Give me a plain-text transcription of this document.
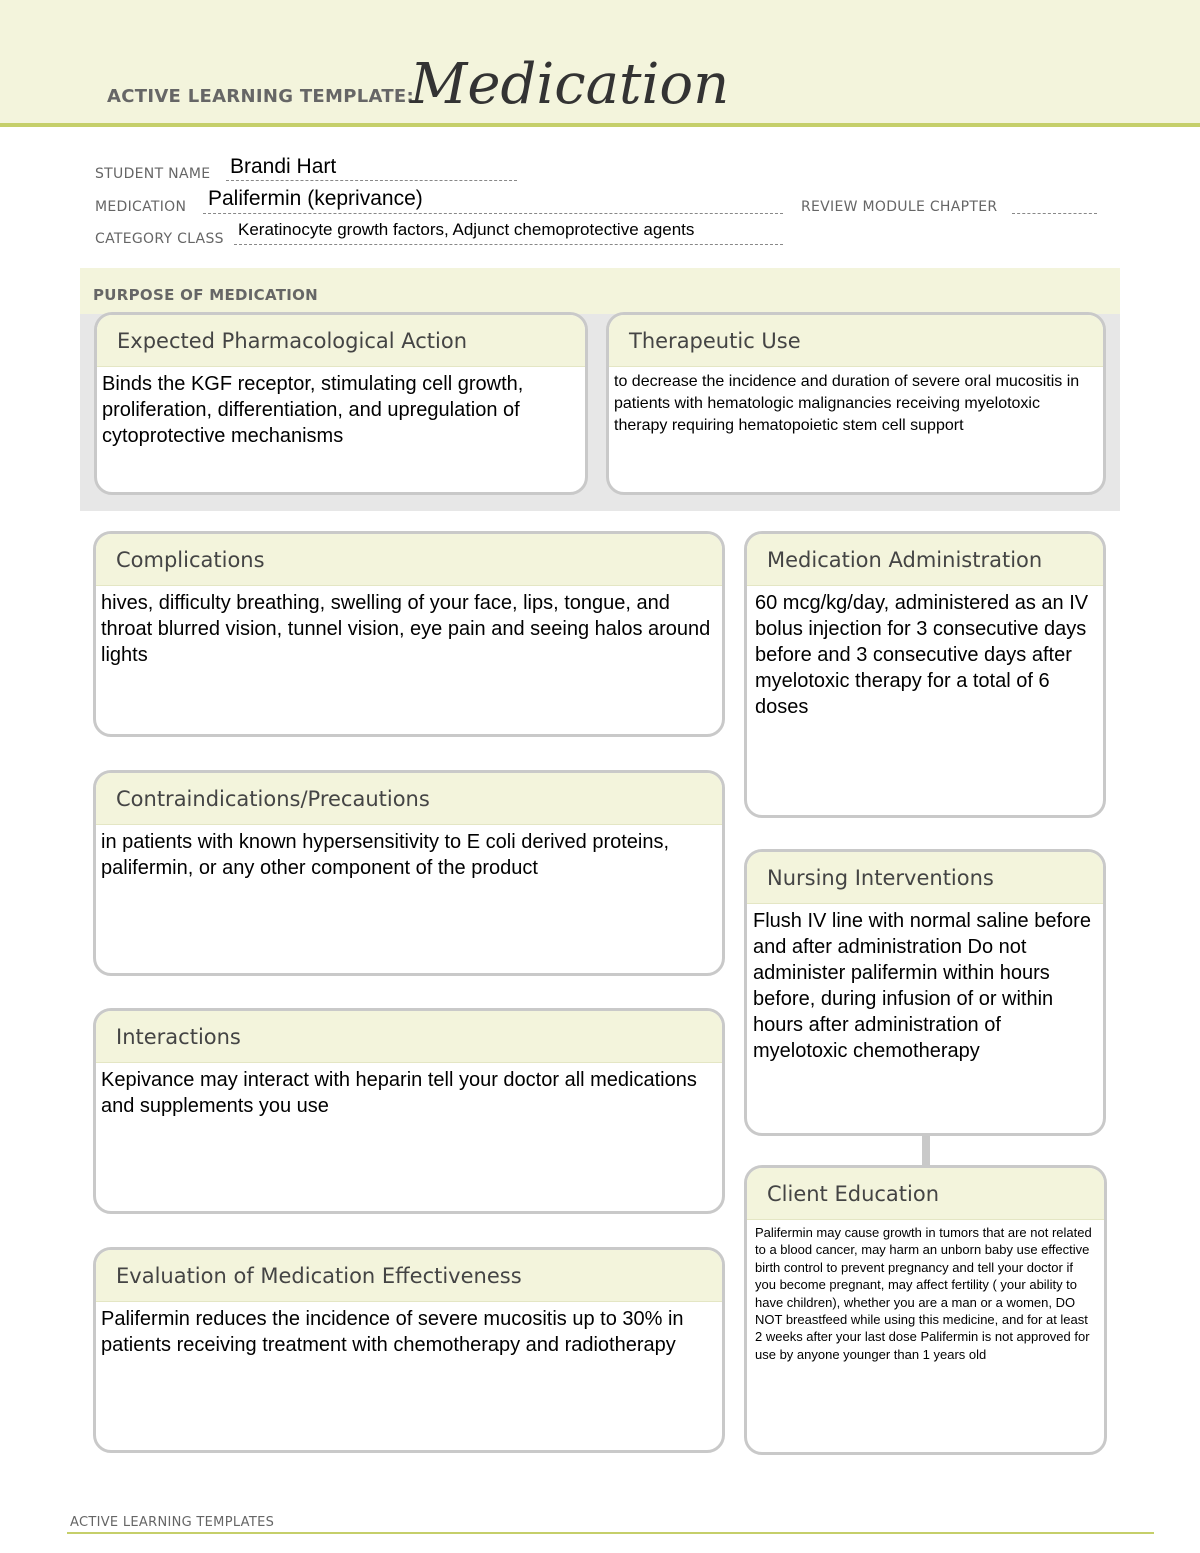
ACTIVE LEARNING TEMPLATE:
Medication
STUDENT NAME Brandi Hart
MEDICATION Palifermin (keprivance)	REVIEW MODULE CHAPTER
CATEGORY CLASS Keratinocyte growth factors, Adjunct chemoprotective agents
PURPOSE OF MEDICATION
Expected Pharmacological Action
Binds the KGF receptor, stimulating cell growth, proliferation, differentiation, and upregulation of cytoprotective mechanisms
Therapeutic Use
to decrease the incidence and duration of severe oral mucositis in patients with hematologic malignancies receiving myelotoxic therapy requiring hematopoietic stem cell support
Complications
hives, difficulty breathing, swelling of your face, lips, tongue, and throat blurred vision, tunnel vision, eye pain and seeing halos around lights
Contraindications/Precautions
in patients with known hypersensitivity to E coli derived proteins, palifermin, or any other component of the product
Interactions
Kepivance may interact with heparin tell your doctor all medications and supplements you use
Evaluation of Medication Effectiveness
Palifermin reduces the incidence of severe mucositis up to 30% in patients receiving treatment with chemotherapy and radiotherapy
Medication Administration
60 mcg/kg/day, administered as an IV bolus injection for 3 consecutive days before and 3 consecutive days after myelotoxic therapy for a total of 6 doses
Nursing Interventions
Flush IV line with normal saline before and after administration Do not administer palifermin within hours before, during infusion of or within hours after administration of myelotoxic chemotherapy
Client Education
Palifermin may cause growth in tumors that are not related to a blood cancer, may harm an unborn baby use effective birth control to prevent pregnancy and tell your doctor if you become pregnant, may affect fertility ( your ability to have children), whether you are a man or a women, DO NOT breastfeed while using this medicine, and for at least 2 weeks after your last dose Palifermin is not approved for use by anyone younger than 1 years old
ACTIVE LEARNING TEMPLATES
